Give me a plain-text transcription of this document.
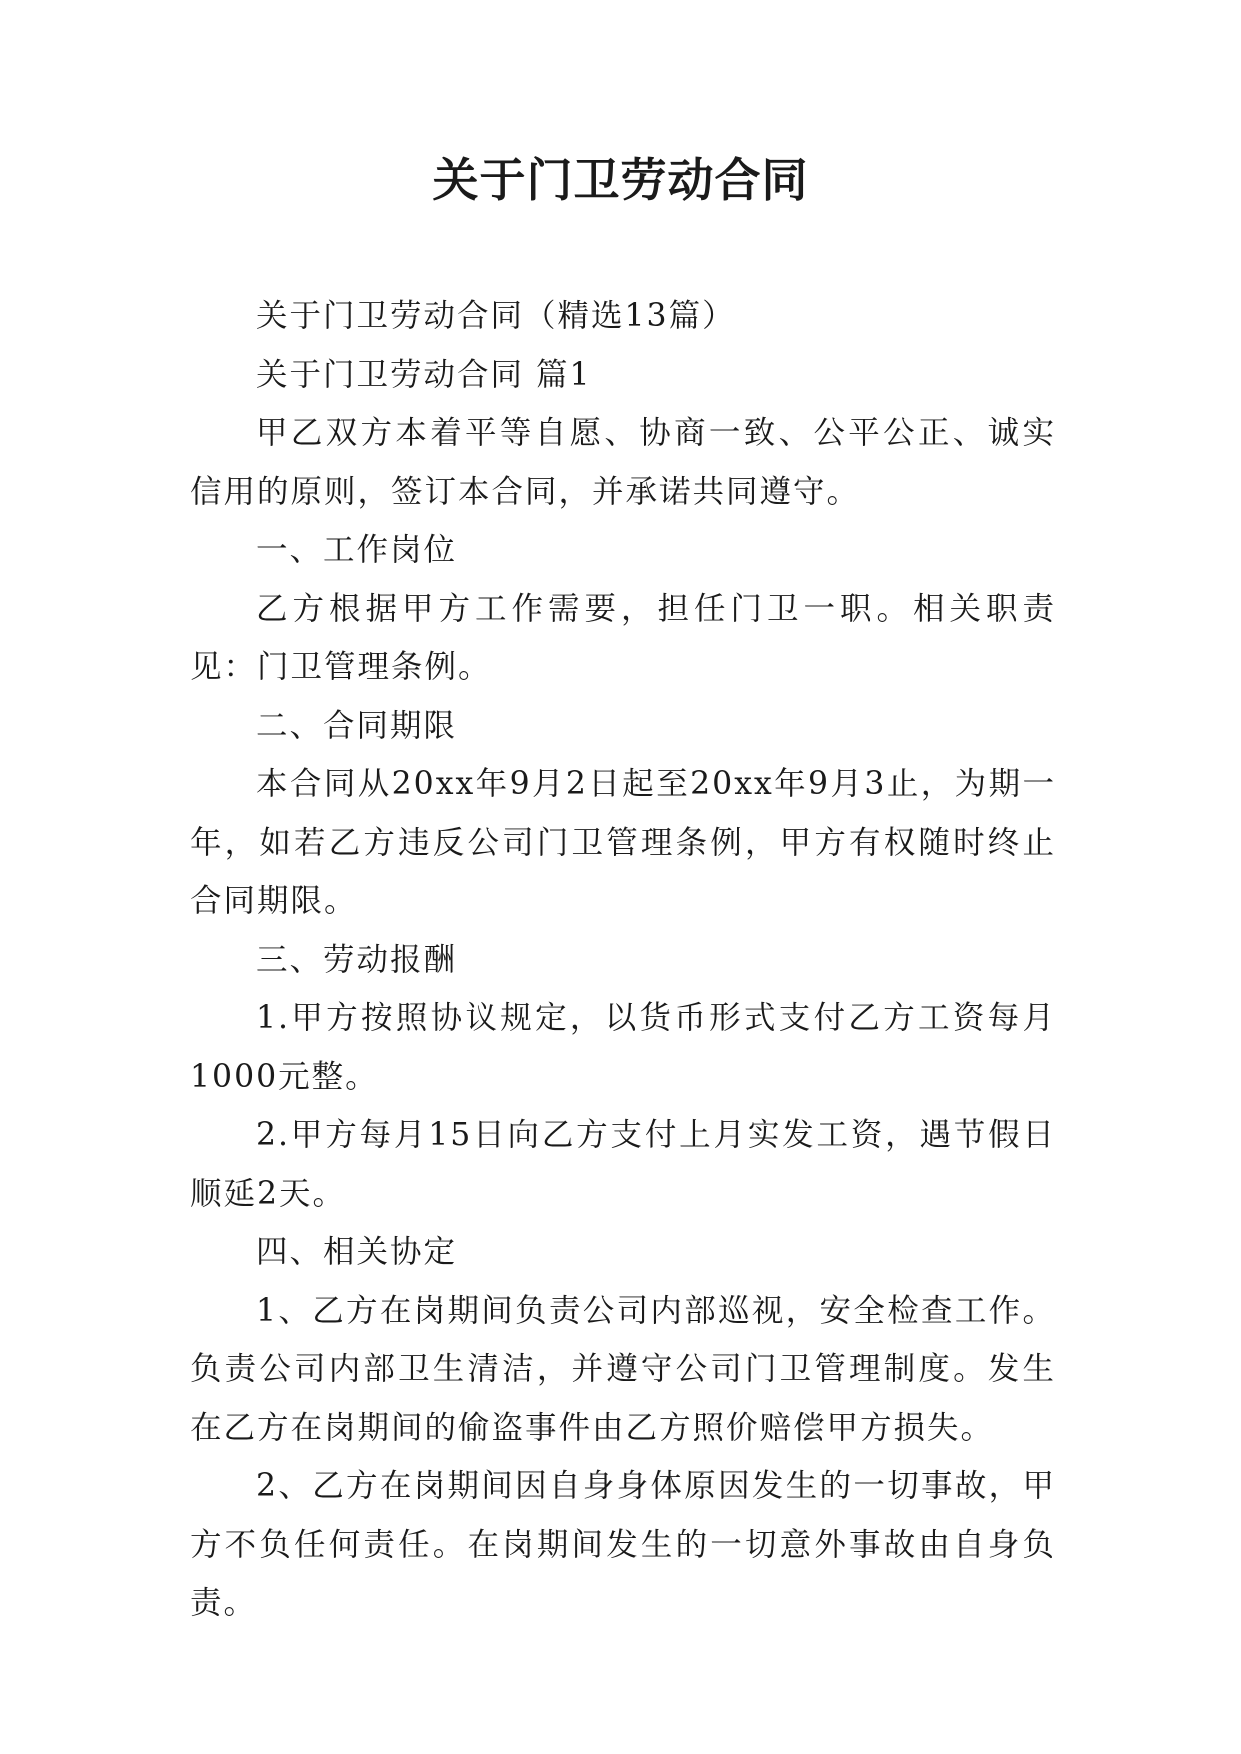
关于门卫劳动合同

关于门卫劳动合同（精选13篇）

关于门卫劳动合同 篇1

甲乙双方本着平等自愿、协商一致、公平公正、诚实信用的原则，签订本合同，并承诺共同遵守。

一、工作岗位

乙方根据甲方工作需要，担任门卫一职。相关职责见：门卫管理条例。

二、合同期限

本合同从20xx年9月2日起至20xx年9月3止，为期一年，如若乙方违反公司门卫管理条例，甲方有权随时终止合同期限。

三、劳动报酬

1.甲方按照协议规定，以货币形式支付乙方工资每月1000元整。

2.甲方每月15日向乙方支付上月实发工资，遇节假日顺延2天。

四、相关协定

1、乙方在岗期间负责公司内部巡视，安全检查工作。负责公司内部卫生清洁，并遵守公司门卫管理制度。发生在乙方在岗期间的偷盗事件由乙方照价赔偿甲方损失。

2、乙方在岗期间因自身身体原因发生的一切事故，甲方不负任何责任。在岗期间发生的一切意外事故由自身负责。
